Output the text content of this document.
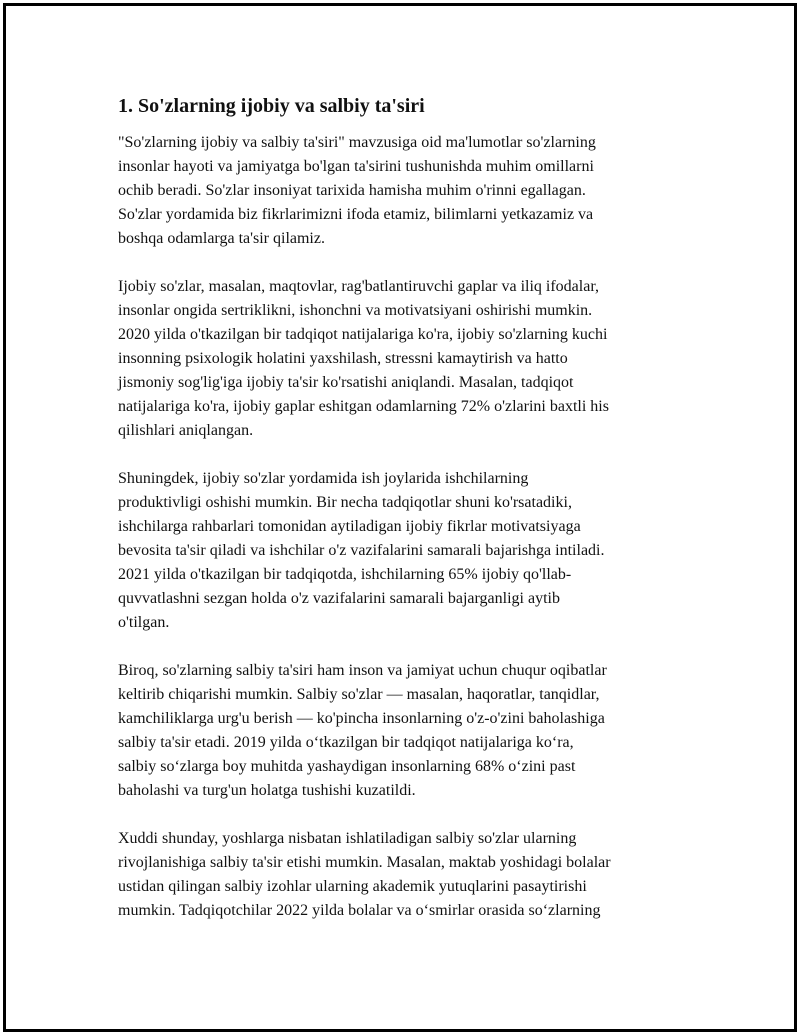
1. So'zlarning ijobiy va salbiy ta'siri

"So'zlarning ijobiy va salbiy ta'siri" mavzusiga oid ma'lumotlar so'zlarning
insonlar hayoti va jamiyatga bo'lgan ta'sirini tushunishda muhim omillarni
ochib beradi. So'zlar insoniyat tarixida hamisha muhim o'rinni egallagan.
So'zlar yordamida biz fikrlarimizni ifoda etamiz, bilimlarni yetkazamiz va
boshqa odamlarga ta'sir qilamiz.

Ijobiy so'zlar, masalan, maqtovlar, rag'batlantiruvchi gaplar va iliq ifodalar,
insonlar ongida sertriklikni, ishonchni va motivatsiyani oshirishi mumkin.
2020 yilda o'tkazilgan bir tadqiqot natijalariga ko'ra, ijobiy so'zlarning kuchi
insonning psixologik holatini yaxshilash, stressni kamaytirish va hatto
jismoniy sog'lig'iga ijobiy ta'sir ko'rsatishi aniqlandi. Masalan, tadqiqot
natijalariga ko'ra, ijobiy gaplar eshitgan odamlarning 72% o'zlarini baxtli his
qilishlari aniqlangan.

Shuningdek, ijobiy so'zlar yordamida ish joylarida ishchilarning
produktivligi oshishi mumkin. Bir necha tadqiqotlar shuni ko'rsatadiki,
ishchilarga rahbarlari tomonidan aytiladigan ijobiy fikrlar motivatsiyaga
bevosita ta'sir qiladi va ishchilar o'z vazifalarini samarali bajarishga intiladi.
2021 yilda o'tkazilgan bir tadqiqotda, ishchilarning 65% ijobiy qo'llab-
quvvatlashni sezgan holda o'z vazifalarini samarali bajarganligi aytib
o'tilgan.

Biroq, so'zlarning salbiy ta'siri ham inson va jamiyat uchun chuqur oqibatlar
keltirib chiqarishi mumkin. Salbiy so'zlar — masalan, haqoratlar, tanqidlar,
kamchiliklarga urg'u berish — ko'pincha insonlarning o'z-o'zini baholashiga
salbiy ta'sir etadi. 2019 yilda o‘tkazilgan bir tadqiqot natijalariga ko‘ra,
salbiy so‘zlarga boy muhitda yashaydigan insonlarning 68% o‘zini past
baholashi va turg'un holatga tushishi kuzatildi.

Xuddi shunday, yoshlarga nisbatan ishlatiladigan salbiy so'zlar ularning
rivojlanishiga salbiy ta'sir etishi mumkin. Masalan, maktab yoshidagi bolalar
ustidan qilingan salbiy izohlar ularning akademik yutuqlarini pasaytirishi
mumkin. Tadqiqotchilar 2022 yilda bolalar va o‘smirlar orasida so‘zlarning
